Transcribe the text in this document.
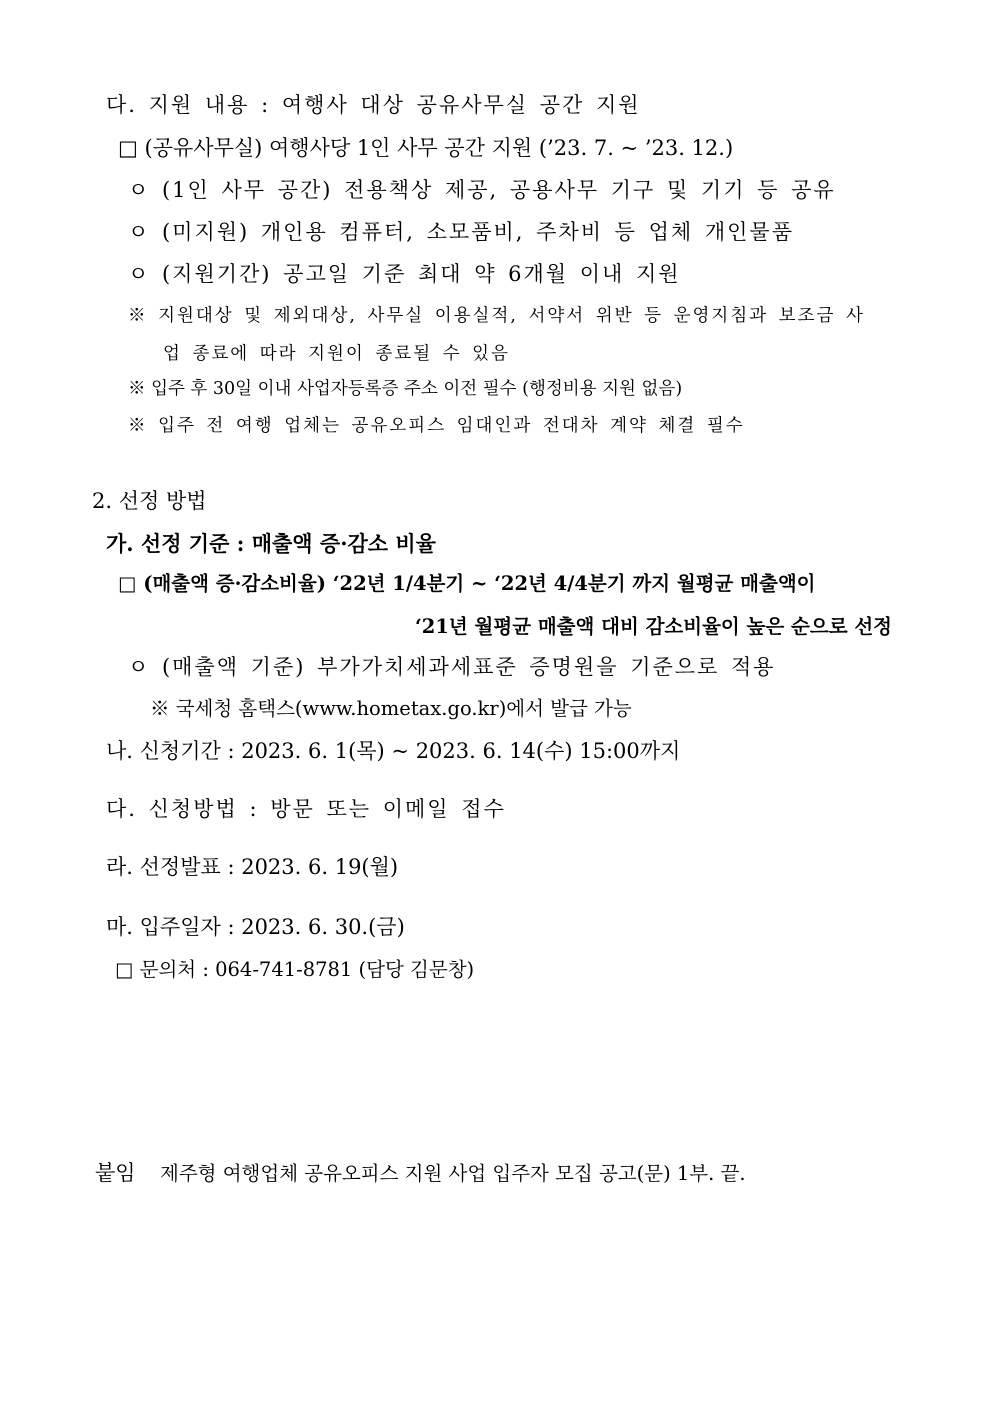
다. 지원 내용 : 여행사 대상 공유사무실 공간 지원
□ (공유사무실) 여행사당 1인 사무 공간 지원 (’23. 7. ~ ’23. 12.)
ㅇ (1인 사무 공간) 전용책상 제공, 공용사무 기구 및 기기 등 공유
ㅇ (미지원) 개인용 컴퓨터, 소모품비, 주차비 등 업체 개인물품
ㅇ (지원기간) 공고일 기준 최대 약 6개월 이내 지원
※ 지원대상 및 제외대상, 사무실 이용실적, 서약서 위반 등 운영지침과 보조금 사
업 종료에 따라 지원이 종료될 수 있음
※ 입주 후 30일 이내 사업자등록증 주소 이전 필수 (행정비용 지원 없음)
※ 입주 전 여행 업체는 공유오피스 임대인과 전대차 계약 체결 필수
2. 선정 방법
가. 선정 기준 : 매출액 증·감소 비율
□ (매출액 증·감소비율) ‘22년 1/4분기 ~ ‘22년 4/4분기 까지 월평균 매출액이
‘21년 월평균 매출액 대비 감소비율이 높은 순으로 선정
ㅇ (매출액 기준) 부가가치세과세표준 증명원을 기준으로 적용
※ 국세청 홈택스(www.hometax.go.kr)에서 발급 가능
나. 신청기간 : 2023. 6. 1(목) ~ 2023. 6. 14(수) 15:00까지
다. 신청방법 : 방문 또는 이메일 접수
라. 선정발표 : 2023. 6. 19(월)
마. 입주일자 : 2023. 6. 30.(금)
□ 문의처 : 064-741-8781 (담당 김문창)
붙임 제주형 여행업체 공유오피스 지원 사업 입주자 모집 공고(문) 1부. 끝.
